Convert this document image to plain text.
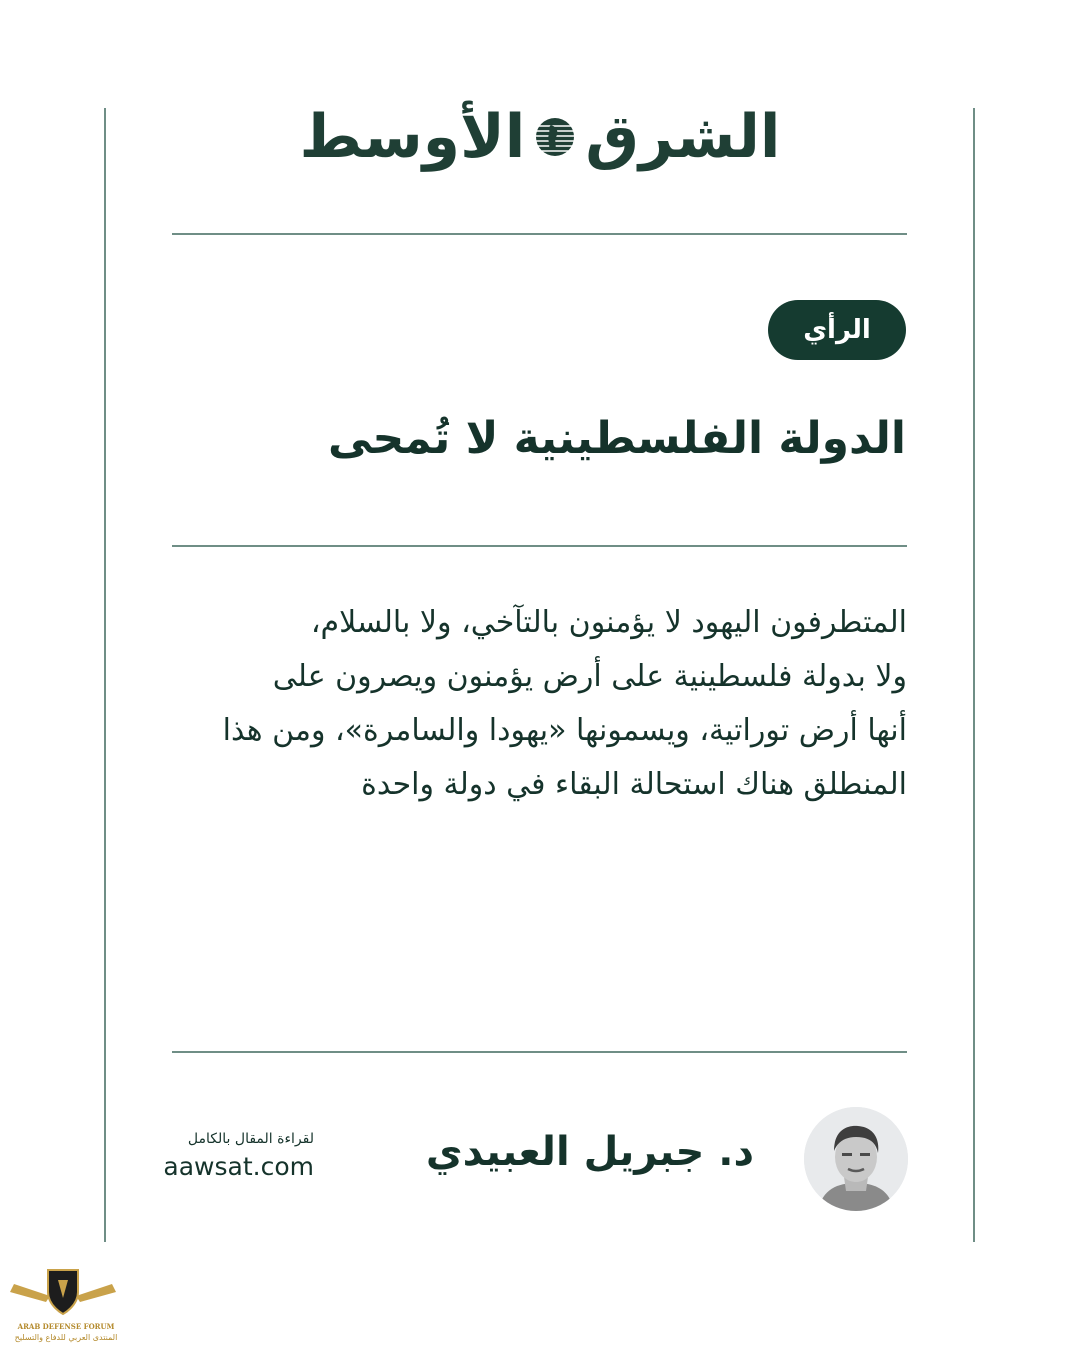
الأوسط الشرق
الرأي
الدولة الفلسطينية لا تُمحى
المتطرفون اليهود لا يؤمنون بالتآخي، ولا بالسلام،
ولا بدولة فلسطينية على أرض يؤمنون ويصرون على
أنها أرض توراتية، ويسمونها «يهودا والسامرة»، ومن هذا
المنطلق هناك استحالة البقاء في دولة واحدة
د. جبريل العبيدي
لقراءة المقال بالكامل
aawsat.com
ARAB DEFENSE FORUM
المنتدى العربي للدفاع والتسليح
